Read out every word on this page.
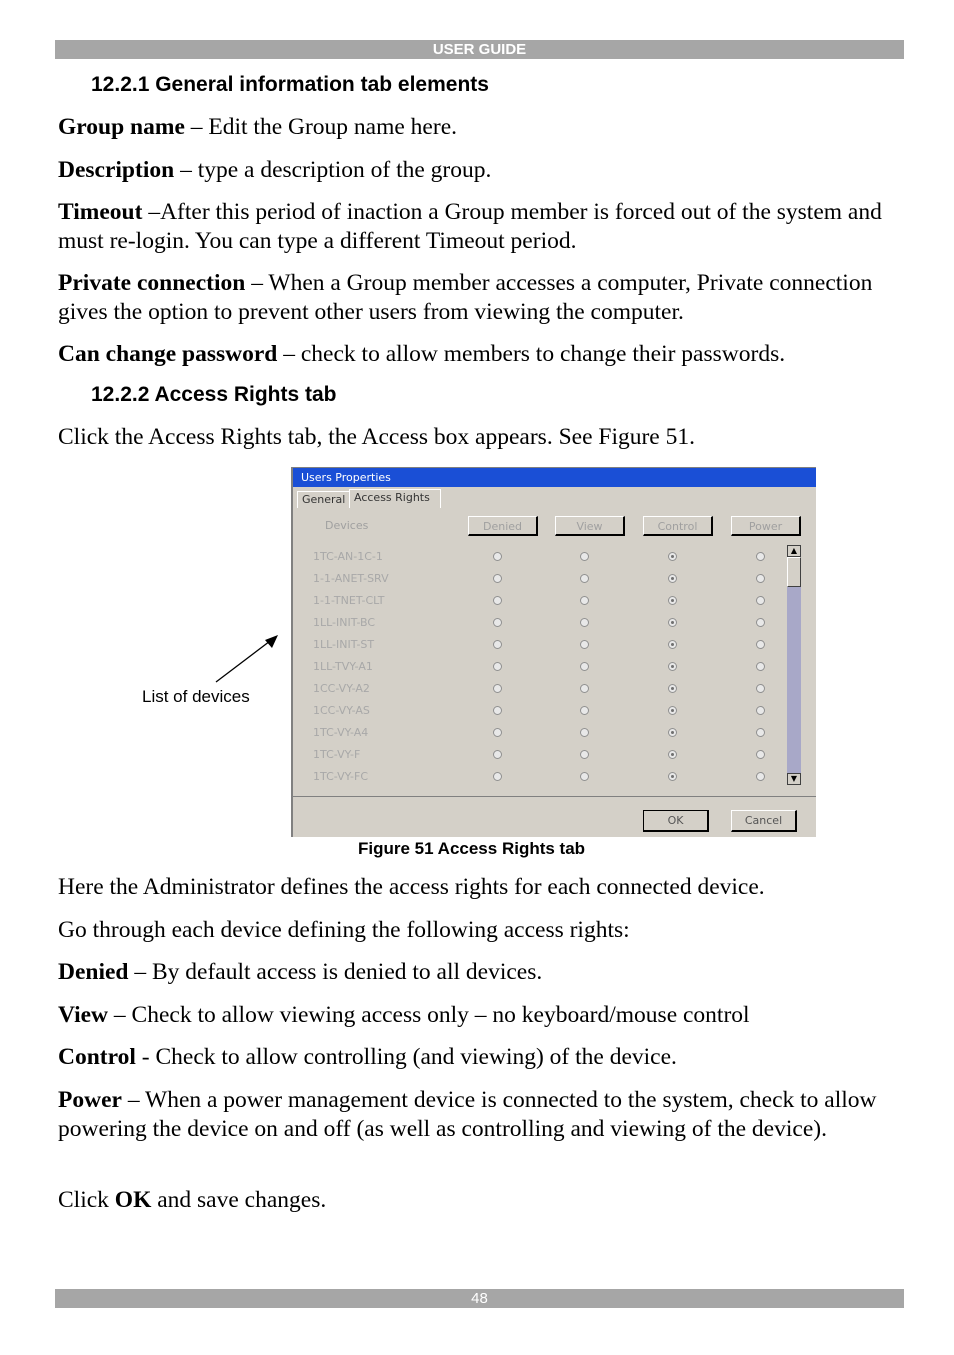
USER GUIDE
12.2.1 General information tab elements

Group name – Edit the Group name here.

Description – type a description of the group.

Timeout –After this period of inaction a Group member is forced out of the system and must re-login. You can type a different Timeout period.

Private connection – When a Group member accesses a computer, Private connection gives the option to prevent other users from viewing the computer.

Can change password – check to allow members to change their passwords.

12.2.2 Access Rights tab

Click the Access Rights tab, the Access box appears. See Figure 51.

Users Properties
General Access Rights
Devices	Denied	View	Control	Power
1TC-AN-1C-1
1-1-ANET-SRV
1-1-TNET-CLT
1LL-INIT-BC
1LL-INIT-ST
1LL-TVY-A1
1CC-VY-A2
1CC-VY-AS
1TC-VY-A4
1TC-VY-F
1TC-VY-FC
▲
▼
OK	Cancel
List of devices
Figure 51 Access Rights tab

Here the Administrator defines the access rights for each connected device.

Go through each device defining the following access rights:

Denied – By default access is denied to all devices.

View – Check to allow viewing access only – no keyboard/mouse control

Control - Check to allow controlling (and viewing) of the device.

Power – When a power management device is connected to the system, check to allow powering the device on and off (as well as controlling and viewing of the device).

Click OK and save changes.

48
